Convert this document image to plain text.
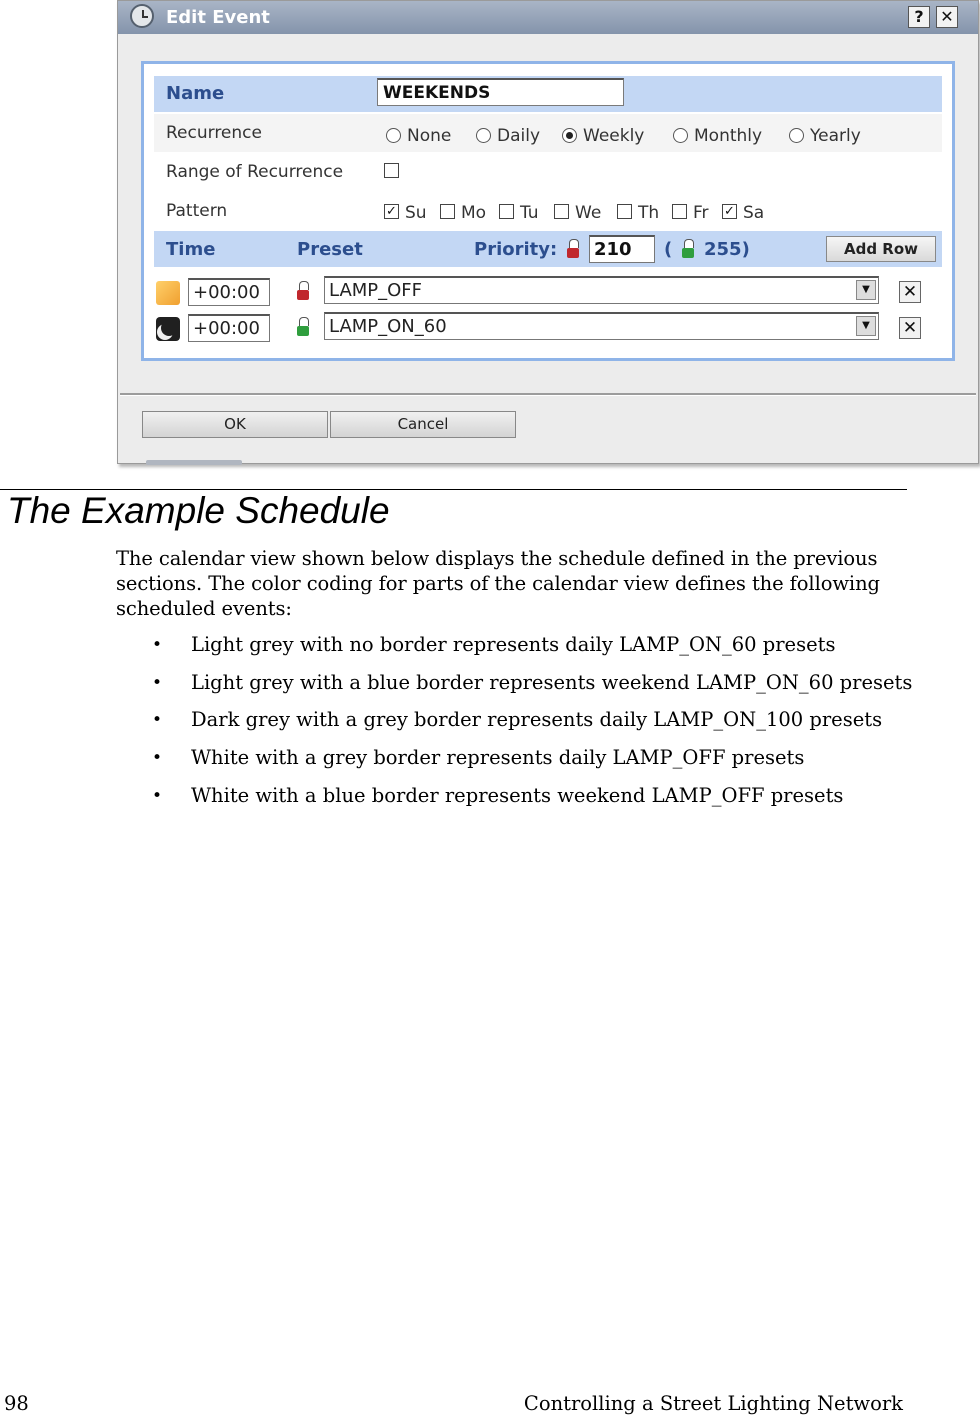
Edit Event	?	✕
Name	WEEKENDS
Recurrence	None	Daily	Weekly	Monthly	Yearly
Range of Recurrence
Pattern	✓ Su	Mo	Tu	We	Th	Fr ✓ Sa
Time	Preset	Priority: 210	( 255)	Add Row
+00:00	LAMP_OFF	▼	✕
+00:00	LAMP_ON_60	▼	✕
OK	Cancel
The Example Schedule

The calendar view shown below displays the schedule defined in the previous sections. The color coding for parts of the calendar view defines the following scheduled events:

• Light grey with no border represents daily LAMP_ON_60 presets
• Light grey with a blue border represents weekend LAMP_ON_60 presets
• Dark grey with a grey border represents daily LAMP_ON_100 presets
• White with a grey border represents daily LAMP_OFF presets
• White with a blue border represents weekend LAMP_OFF presets
98	Controlling a Street Lighting Network
